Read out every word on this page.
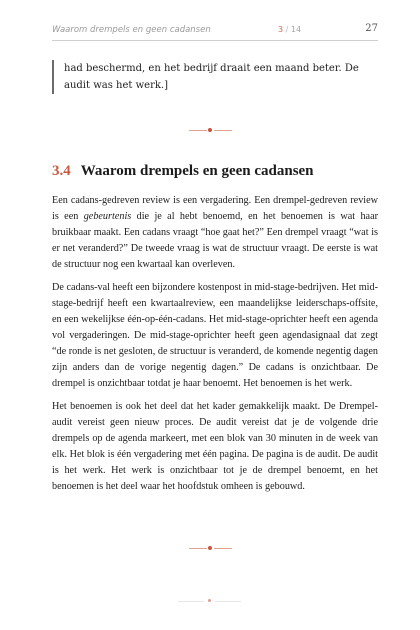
Waarom drempels en geen cadansen	3 / 14	27
had beschermd, en het bedrijf draait een maand beter. De audit was het werk.]
3.4 Waarom drempels en geen cadansen

Een cadans-gedreven review is een vergadering. Een drempel-gedreven review is een gebeurtenis die je al hebt benoemd, en het benoemen is wat haar bruikbaar maakt. Een cadans vraagt “hoe gaat het?” Een drempel vraagt “wat is er net veranderd?” De tweede vraag is wat de structuur vraagt. De eerste is wat de structuur nog een kwartaal kan overleven.

De cadans-val heeft een bijzondere kostenpost in mid-stage-bedrijven. Het mid-stage-bedrijf heeft een kwartaalreview, een maandelijkse leiderschaps-offsite, en een wekelijkse één-op-één-cadans. Het mid-stage-oprichter heeft een agenda vol vergaderingen. De mid-stage-oprichter heeft geen agendasignaal dat zegt “de ronde is net gesloten, de structuur is veranderd, de komende negentig dagen zijn anders dan de vorige negentig dagen.” De cadans is onzichtbaar. De drempel is onzichtbaar totdat je haar benoemt. Het benoemen is het werk.

Het benoemen is ook het deel dat het kader gemakkelijk maakt. De Drempel-audit vereist geen nieuw proces. De audit vereist dat je de volgende drie drempels op de agenda markeert, met een blok van 30 minuten in de week van elk. Het blok is één vergadering met één pagina. De pagina is de audit. De audit is het werk. Het werk is onzichtbaar tot je de drempel benoemt, en het benoemen is het deel waar het hoofdstuk omheen is gebouwd.
